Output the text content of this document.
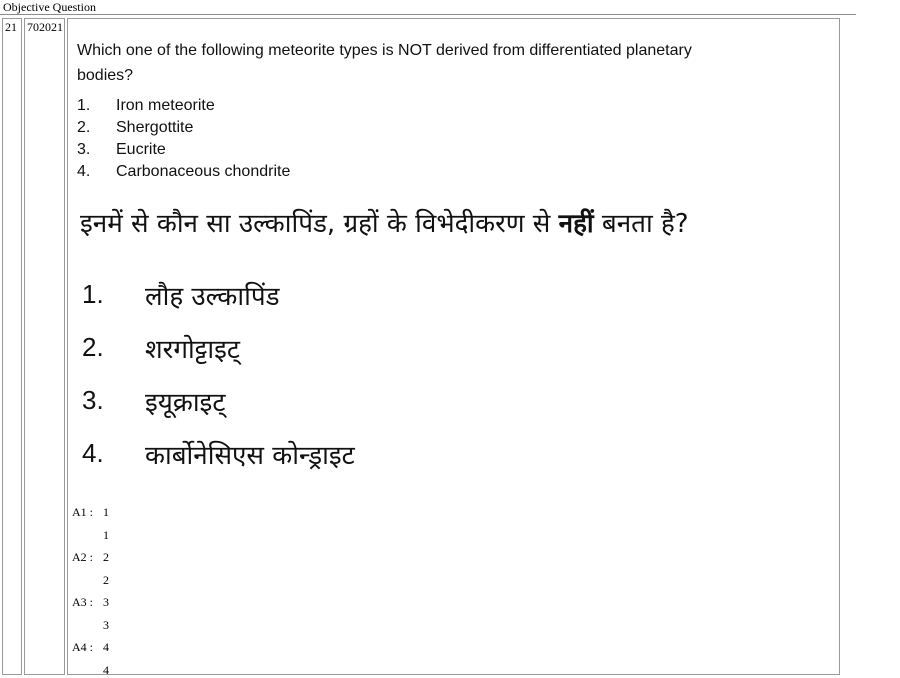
Objective Question
21 702021
Which one of the following meteorite types is NOT derived from differentiated planetary bodies?
1.	Iron meteorite
2.	Shergottite
3.	Eucrite
4.	Carbonaceous chondrite
इनमें से कौन सा उल्कापिंड, ग्रहों के विभेदीकरण से नहीं बनता है?
1.	लौह उल्कापिंड
2.	शरगोट्टाइट्
3.	इयूक्राइट्
4.	कार्बोनेसिएस कोन्ड्राइट
A1 : 1
1
A2 : 2
2
A3 : 3
3
A4 : 4
4
